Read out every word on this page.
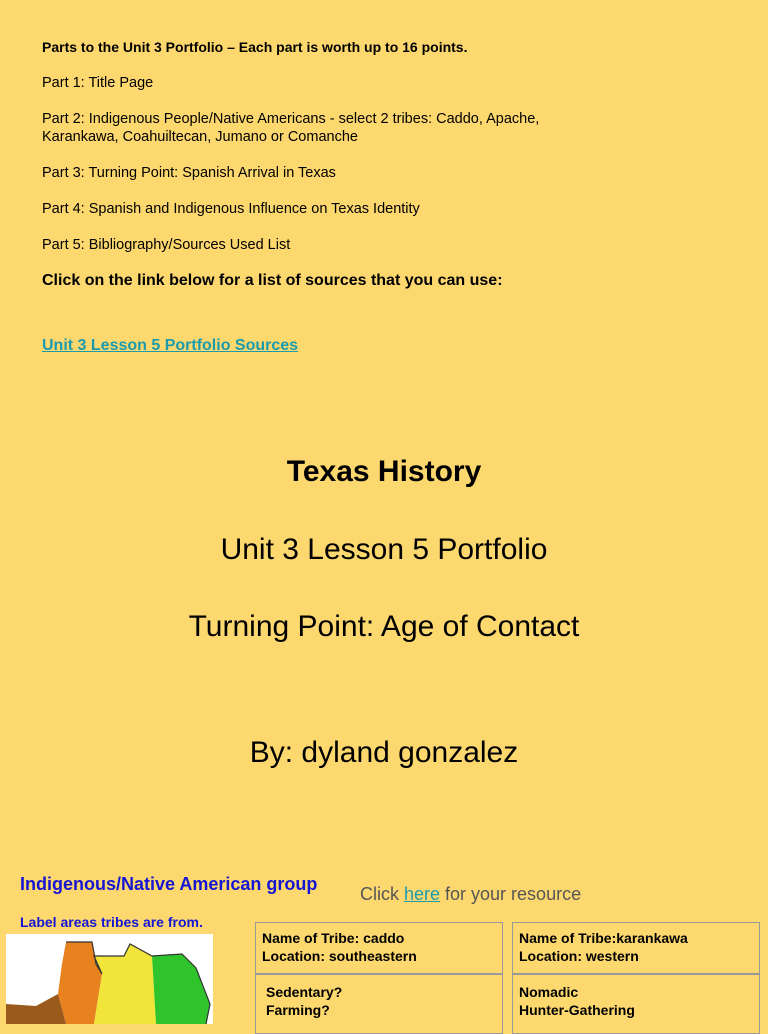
Parts to the Unit 3 Portfolio – Each part is worth up to 16 points.
Part 1: Title Page
Part 2: Indigenous People/Native Americans - select 2 tribes: Caddo, Apache, Karankawa, Coahuiltecan, Jumano or Comanche
Part 3: Turning Point: Spanish Arrival in Texas
Part 4: Spanish and Indigenous Influence on Texas Identity
Part 5: Bibliography/Sources Used List
Click on the link below for a list of sources that you can use:
Unit 3 Lesson 5 Portfolio Sources
Texas History
Unit 3 Lesson 5 Portfolio
Turning Point: Age of Contact
By: dyland gonzalez
Indigenous/Native American group Click here for your resource
Label areas tribes are from.
Name of Tribe: caddo
Location: southeastern
Name of Tribe:karankawa
Location: western
Sedentary?
Farming?
Nomadic
Hunter-Gathering
